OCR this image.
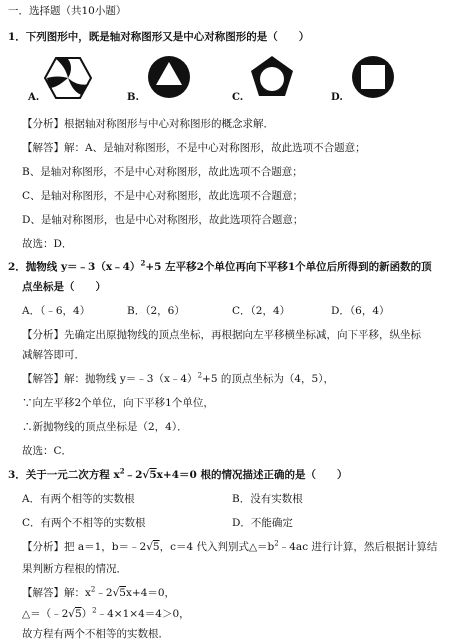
一．选择题（共10小题）
1．下列图形中，既是轴对称图形又是中心对称图形的是（　　）
A.	B.	C.	D.
【分析】根据轴对称图形与中心对称图形的概念求解．
【解答】解：A、是轴对称图形，不是中心对称图形，故此选项不合题意；
B、是轴对称图形，不是中心对称图形，故此选项不合题意；
C、是轴对称图形，不是中心对称图形，故此选项不合题意；
D、是轴对称图形，也是中心对称图形，故此选项符合题意；
故选：D．
2．抛物线 y＝﹣3（x﹣4）$^2$+5 左平移2个单位再向下平移1个单位后所得到的新函数的顶
点坐标是（　　）
A．（﹣6，4）	B．（2，6）	C．（2，4）	D．（6，4）
【分析】先确定出原抛物线的顶点坐标，再根据向左平移横坐标减，向下平移，纵坐标
减解答即可．
【解答】解：抛物线 y＝﹣3（x﹣4）$^2$+5 的顶点坐标为（4，5），
∵向左平移2个单位，向下平移1个单位，
∴新抛物线的顶点坐标是（2，4）．
故选：C．
3．关于一元二次方程 $x^2﹣2√5x+4=0$ 根的情况描述正确的是（　　）
A．有两个相等的实数根	B．没有实数根
C．有两个不相等的实数根	D．不能确定
【分析】把 a＝1，b＝﹣2√5，c＝4 代入判别式$\triangle=b^2﹣4ac$ 进行计算，然后根据计算结
果判断方程根的情况．
【解答】解：$x^2﹣2√5x+4=0$，
△＝（﹣2√5）$^2$﹣4×1×4＝4＞0，
故方程有两个不相等的实数根．
